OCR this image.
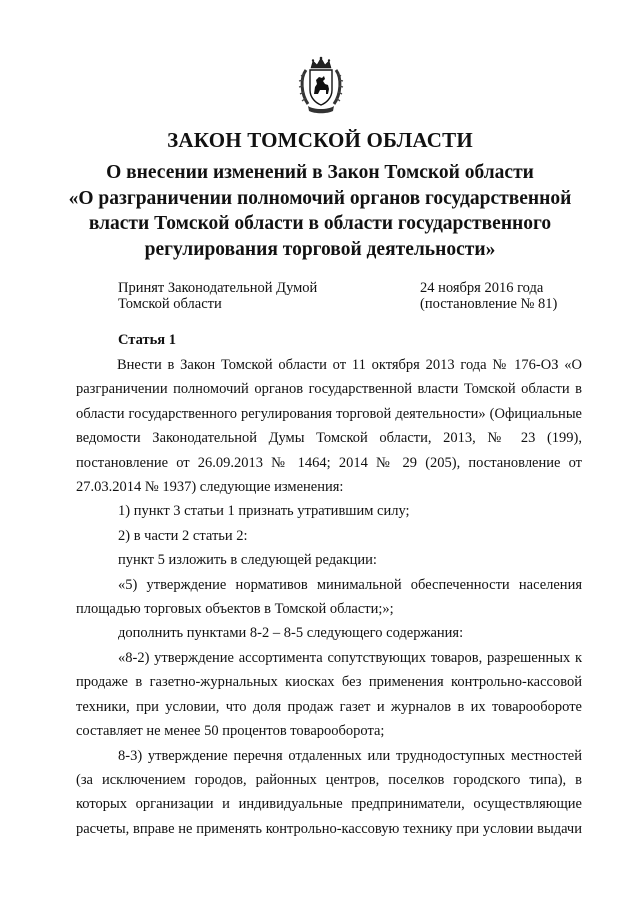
ЗАКОН ТОМСКОЙ ОБЛАСТИ
О внесении изменений в Закон Томской области
«О разграничении полномочий органов государственной
власти Томской области в области государственного
регулирования торговой деятельности»
Принят Законодательной Думой
Томской области
24 ноября 2016 года
(постановление № 81)
Статья 1

Внести в Закон Томской области от 11 октября 2013 года № 176-ОЗ «О разграничении полномочий органов государственной власти Томской области в области государственного регулирования торговой деятельности» (Официальные ведомости Законодательной Думы Томской области, 2013, № 23 (199), постановление от 26.09.2013 № 1464; 2014 № 29 (205), постановление от 27.03.2014 № 1937) следующие изменения:

1) пункт 3 статьи 1 признать утратившим силу;

2) в части 2 статьи 2:

пункт 5 изложить в следующей редакции:

«5) утверждение нормативов минимальной обеспеченности населения площадью торговых объектов в Томской области;»;

дополнить пунктами 8-2 – 8-5 следующего содержания:

«8-2) утверждение ассортимента сопутствующих товаров, разрешенных к продаже в газетно-журнальных киосках без применения контрольно-кассовой техники, при условии, что доля продаж газет и журналов в их товарообороте составляет не менее 50 процентов товарооборота;

8-3) утверждение перечня отдаленных или труднодоступных местностей (за исключением городов, районных центров, поселков городского типа), в которых организации и индивидуальные предприниматели, осуществляющие расчеты, вправе не применять контрольно-кассовую технику при условии выдачи
